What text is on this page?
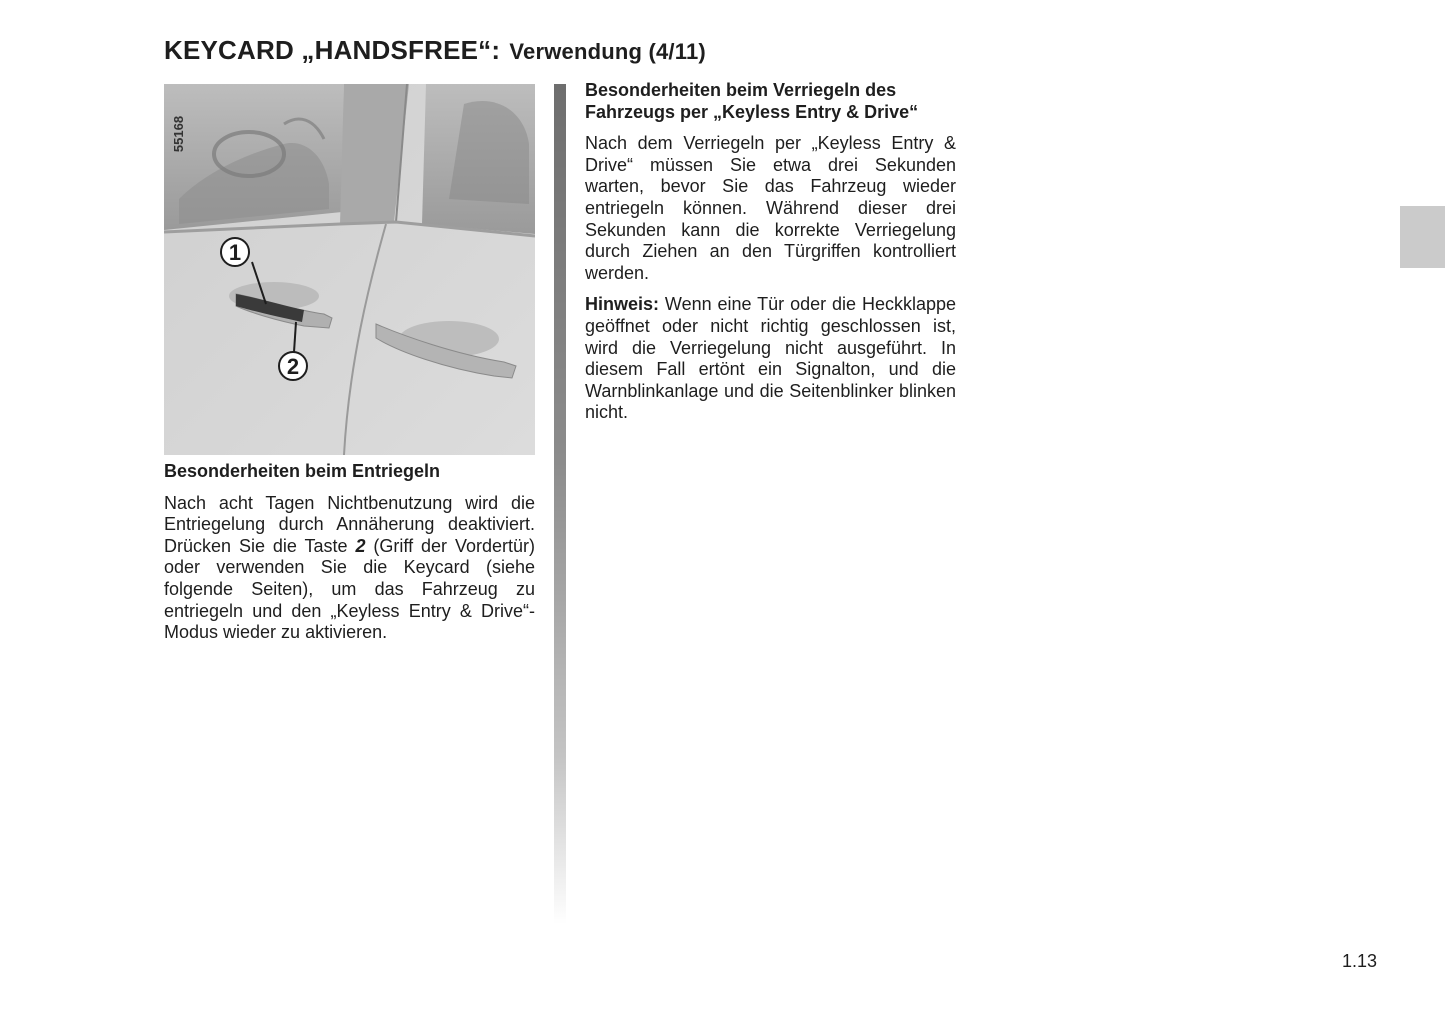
KEYCARD „HANDSFREE“: Verwendung (4/11)
1
2
55168

Besonderheiten beim Entriegeln

Nach acht Tagen Nichtbenutzung wird die Entriegelung durch Annäherung deaktiviert. Drücken Sie die Taste 2 (Griff der Vordertür) oder verwenden Sie die Keycard (siehe folgende Seiten), um das Fahrzeug zu entriegeln und den „Keyless Entry & Drive“-Modus wieder zu aktivieren.

Besonderheiten beim Verriegeln des Fahrzeugs per „Keyless Entry & Drive“

Nach dem Verriegeln per „Keyless Entry & Drive“ müssen Sie etwa drei Sekunden warten, bevor Sie das Fahrzeug wieder entriegeln können. Während dieser drei Sekunden kann die korrekte Verriegelung durch Ziehen an den Türgriffen kontrolliert werden.

Hinweis: Wenn eine Tür oder die Heckklappe geöffnet oder nicht richtig geschlossen ist, wird die Verriegelung nicht ausgeführt. In diesem Fall ertönt ein Signalton, und die Warnblinkanlage und die Seitenblinker blinken nicht.

1.13
